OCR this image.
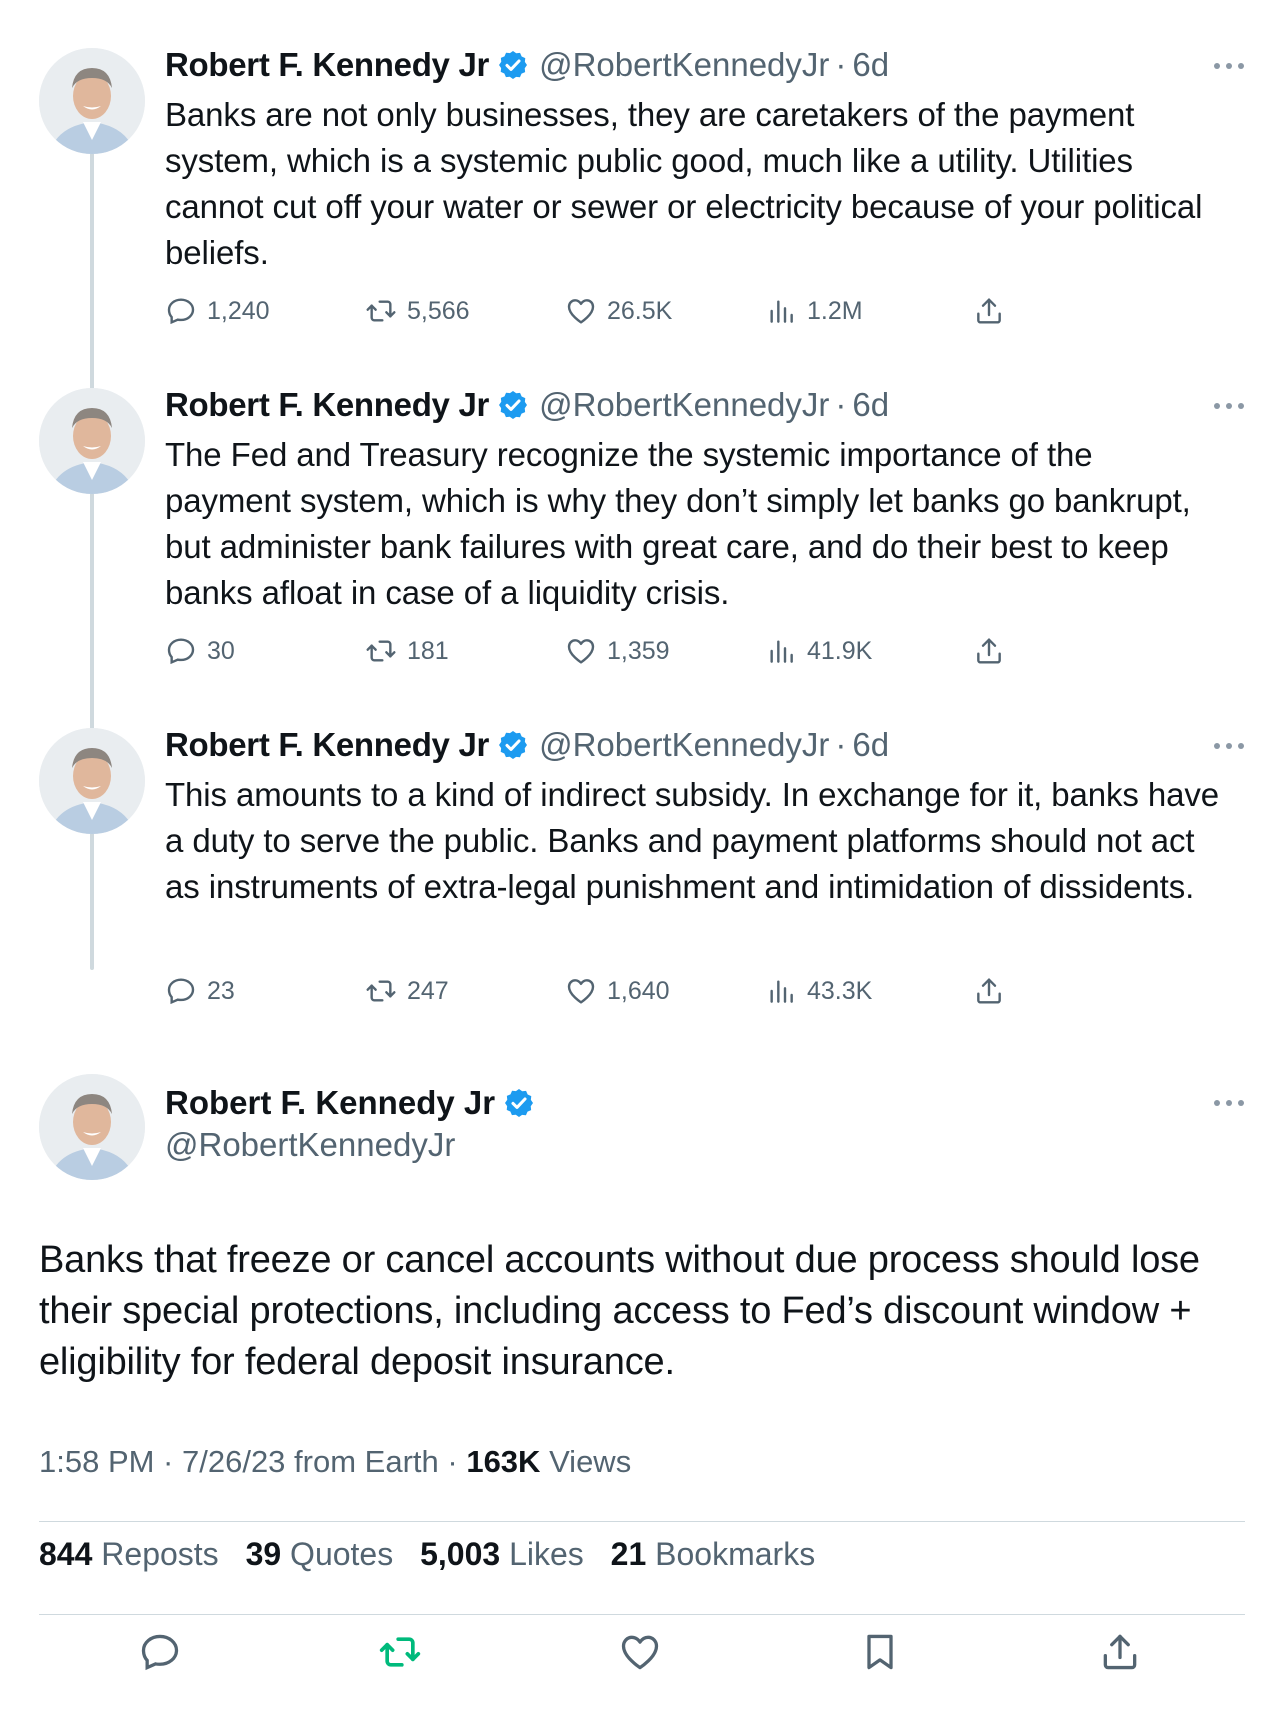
Robert F. Kennedy Jr @RobertKennedyJr · 6d
Banks are not only businesses, they are caretakers of the payment system, which is a systemic public good, much like a utility. Utilities cannot cut off your water or sewer or electricity because of your political beliefs.
1,240	5,566	26.5K	1.2M
Robert F. Kennedy Jr @RobertKennedyJr · 6d
The Fed and Treasury recognize the systemic importance of the payment system, which is why they don’t simply let banks go bankrupt, but administer bank failures with great care, and do their best to keep banks afloat in case of a liquidity crisis.
30	181	1,359	41.9K
Robert F. Kennedy Jr @RobertKennedyJr · 6d
This amounts to a kind of indirect subsidy. In exchange for it, banks have a duty to serve the public. Banks and payment platforms should not act as instruments of extra-legal punishment and intimidation of dissidents.
23	247	1,640	43.3K
Robert F. Kennedy Jr
@RobertKennedyJr
Banks that freeze or cancel accounts without due process should lose their special protections, including access to Fed’s discount window + eligibility for federal deposit insurance.
1:58 PM · 7/26/23 from Earth · 163K Views
844 Reposts 39 Quotes 5,003 Likes 21 Bookmarks
